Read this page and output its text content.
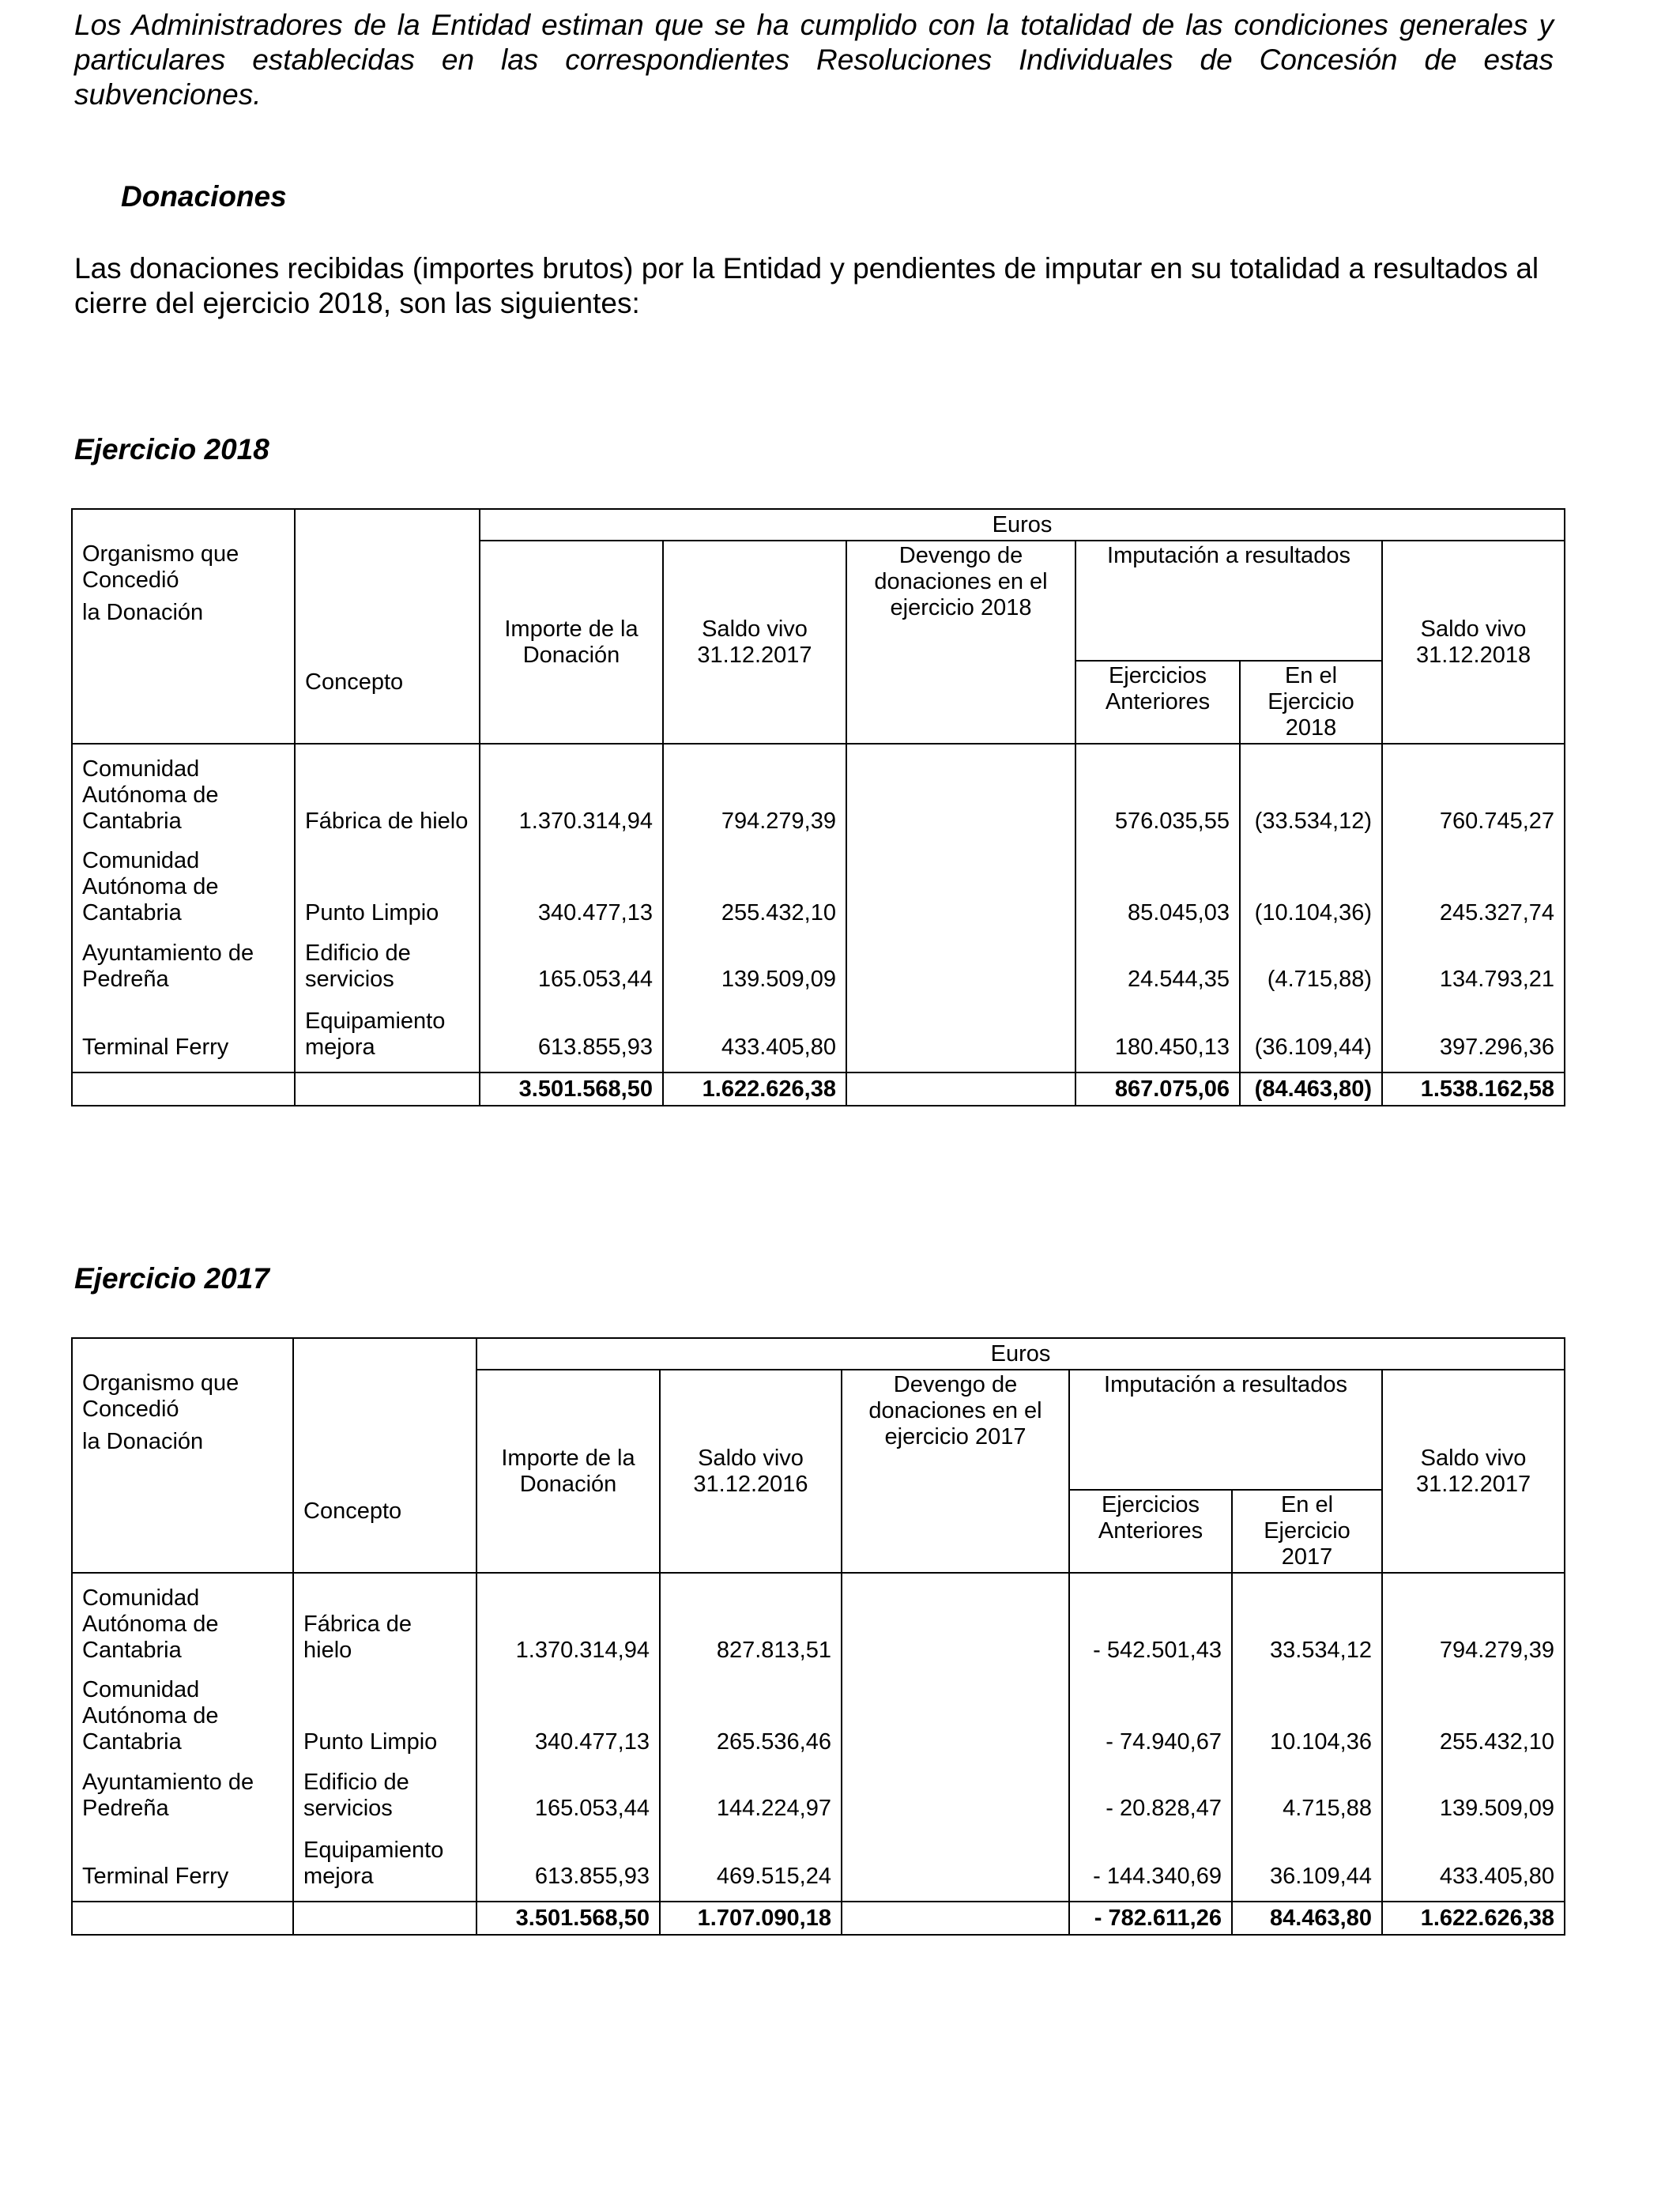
Los Administradores de la Entidad estiman que se ha cumplido con la totalidad de las condiciones generales y particulares establecidas en las correspondientes Resoluciones Individuales de Concesión de estas subvenciones.

Donaciones

Las donaciones recibidas (importes brutos) por la Entidad y pendientes de imputar en su totalidad a resultados al cierre del ejercicio 2018, son las siguientes:

Ejercicio 2018
Organismo que
Concedió
la Donación	Concepto	Euros					
		Importe de la Donación	Saldo vivo 31.12.2017	Devengo de donaciones en el ejercicio 2018	Imputación a resultados		Saldo vivo 31.12.2018
					Ejercicios Anteriores	En el Ejercicio 2018	
Comunidad Autónoma de Cantabria	Fábrica de hielo	1.370.314,94	794.279,39		576.035,55	(33.534,12)	760.745,27
Comunidad Autónoma de Cantabria	Punto Limpio	340.477,13	255.432,10		85.045,03	(10.104,36)	245.327,74
Ayuntamiento de Pedreña	Edificio de servicios	165.053,44	139.509,09		24.544,35	(4.715,88)	134.793,21
Terminal Ferry	Equipamiento mejora	613.855,93	433.405,80		180.450,13	(36.109,44)	397.296,36
		3.501.568,50	1.622.626,38		867.075,06	(84.463,80)	1.538.162,58
Ejercicio 2017
Organismo que
Concedió
la Donación	Concepto	Euros					
		Importe de la Donación	Saldo vivo 31.12.2016	Devengo de donaciones en el ejercicio 2017	Imputación a resultados		Saldo vivo 31.12.2017
					Ejercicios Anteriores	En el Ejercicio 2017	
Comunidad Autónoma de Cantabria	Fábrica de hielo	1.370.314,94	827.813,51		- 542.501,43	33.534,12	794.279,39
Comunidad Autónoma de Cantabria	Punto Limpio	340.477,13	265.536,46		- 74.940,67	10.104,36	255.432,10
Ayuntamiento de Pedreña	Edificio de servicios	165.053,44	144.224,97		- 20.828,47	4.715,88	139.509,09
Terminal Ferry	Equipamiento mejora	613.855,93	469.515,24		- 144.340,69	36.109,44	433.405,80
		3.501.568,50	1.707.090,18		- 782.611,26	84.463,80	1.622.626,38
